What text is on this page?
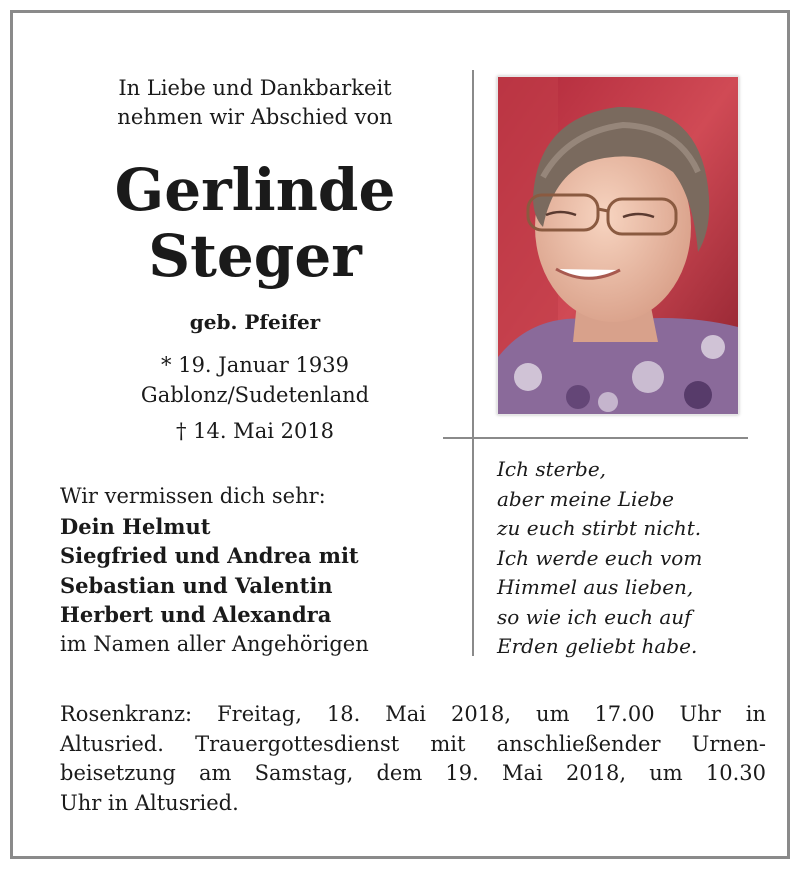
In Liebe und Dankbarkeit
nehmen wir Abschied von
Gerlinde
Steger
geb. Pfeifer
* 19. Januar 1939
Gablonz/Sudetenland
† 14. Mai 2018
Wir vermissen dich sehr:
Dein Helmut
Siegfried und Andrea mit
Sebastian und Valentin
Herbert und Alexandra
im Namen aller Angehörigen
Ich sterbe,
aber meine Liebe
zu euch stirbt nicht.
Ich werde euch vom
Himmel aus lieben,
so wie ich euch auf
Erden geliebt habe.
Rosenkranz: Freitag, 18. Mai 2018, um 17.00 Uhr in
Altusried. Trauergottesdienst mit anschließender Urnen-
beisetzung am Samstag, dem 19. Mai 2018, um 10.30
Uhr in Altusried.
